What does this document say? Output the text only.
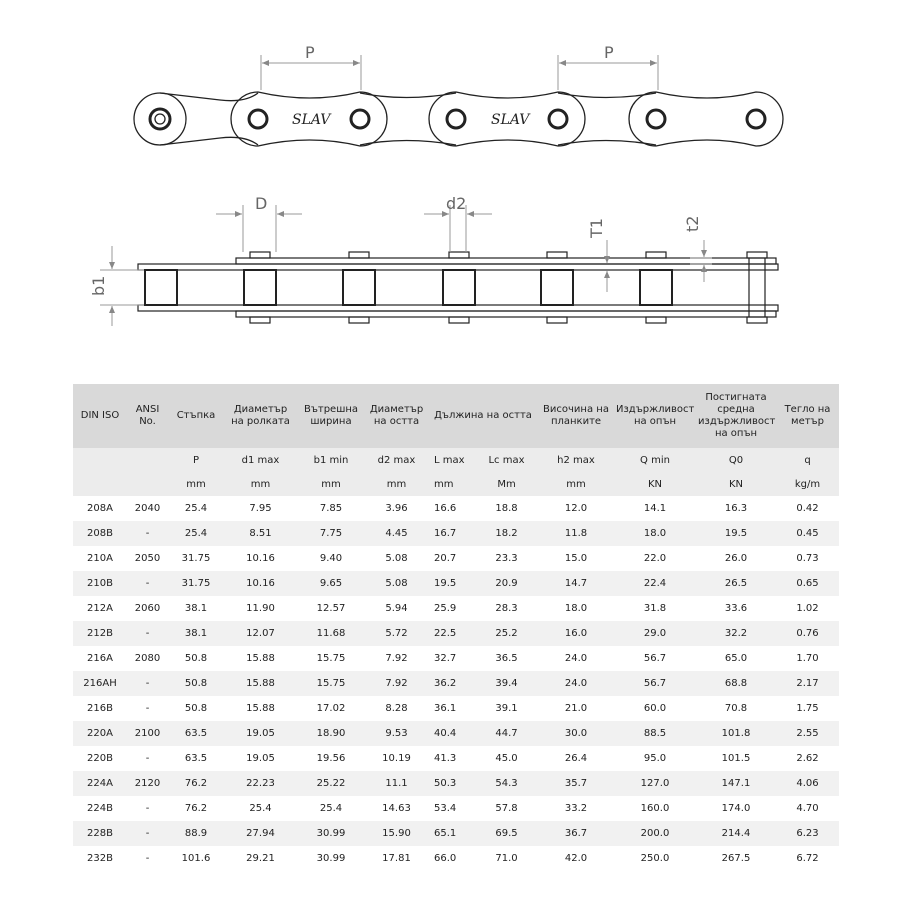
SLAV	SLAV
P	P
D	d2
b1
T1	t2
DIN ISO	ANSI No.	Стъпка	Диаметър на ролката	Вътрешна ширина	Диаметър на остта	Дължина на остта		Височина на планките	Издържливост на опън	Постигната средна издържливост на опън	Тегло на метър
		P	d1 max	b1 min	d2 max	L max	Lc max	h2 max	Q min	Q0	q
		mm	mm	mm	mm	mm	Mm	mm	KN	KN	kg/m
208A	2040	25.4	7.95	7.85	3.96	16.6	18.8	12.0	14.1	16.3	0.42
208B	-	25.4	8.51	7.75	4.45	16.7	18.2	11.8	18.0	19.5	0.45
210A	2050	31.75	10.16	9.40	5.08	20.7	23.3	15.0	22.0	26.0	0.73
210B	-	31.75	10.16	9.65	5.08	19.5	20.9	14.7	22.4	26.5	0.65
212A	2060	38.1	11.90	12.57	5.94	25.9	28.3	18.0	31.8	33.6	1.02
212B	-	38.1	12.07	11.68	5.72	22.5	25.2	16.0	29.0	32.2	0.76
216A	2080	50.8	15.88	15.75	7.92	32.7	36.5	24.0	56.7	65.0	1.70
216AH	-	50.8	15.88	15.75	7.92	36.2	39.4	24.0	56.7	68.8	2.17
216B	-	50.8	15.88	17.02	8.28	36.1	39.1	21.0	60.0	70.8	1.75
220A	2100	63.5	19.05	18.90	9.53	40.4	44.7	30.0	88.5	101.8	2.55
220B	-	63.5	19.05	19.56	10.19	41.3	45.0	26.4	95.0	101.5	2.62
224A	2120	76.2	22.23	25.22	11.1	50.3	54.3	35.7	127.0	147.1	4.06
224B	-	76.2	25.4	25.4	14.63	53.4	57.8	33.2	160.0	174.0	4.70
228B	-	88.9	27.94	30.99	15.90	65.1	69.5	36.7	200.0	214.4	6.23
232B	-	101.6	29.21	30.99	17.81	66.0	71.0	42.0	250.0	267.5	6.72
